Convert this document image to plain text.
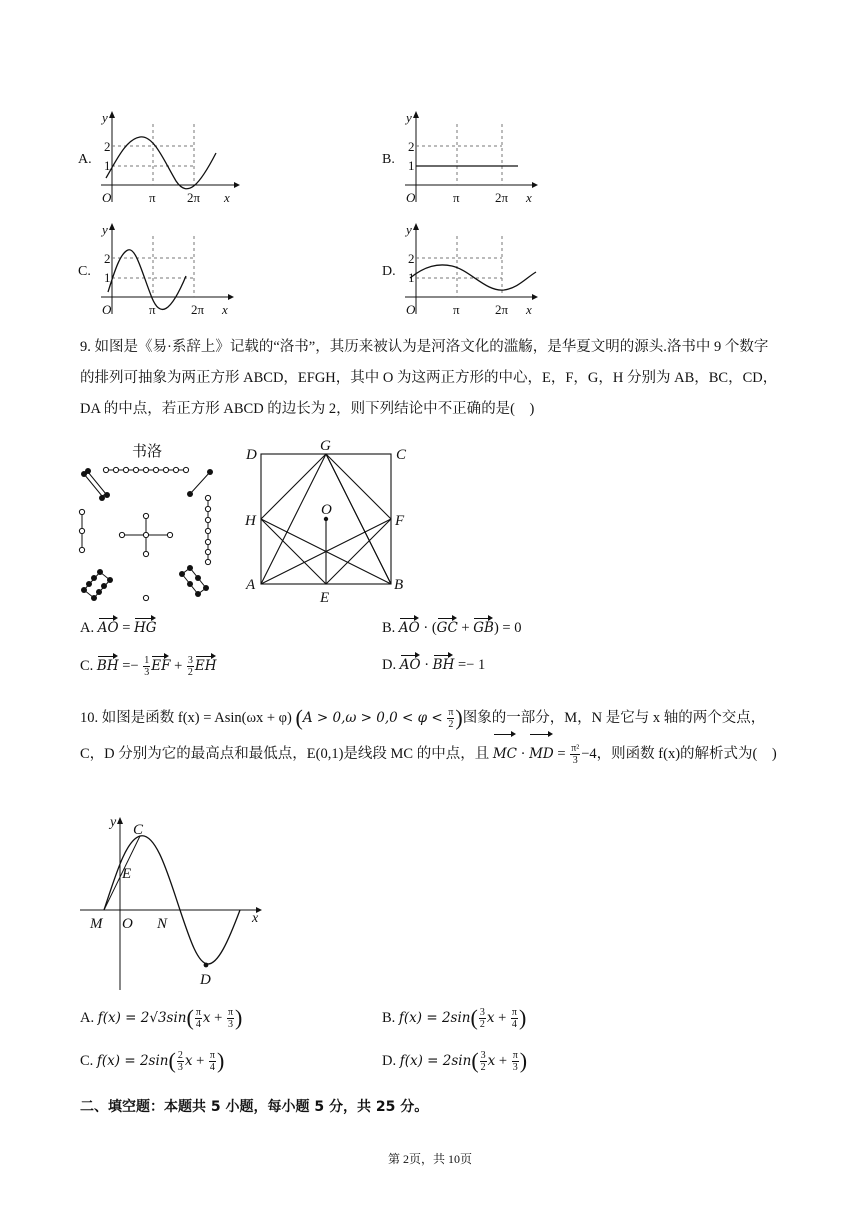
A.
y
2
1
O	π 2π x
B.
y
2
1
O	π	2π x
C.
y
2
1
O	π	2π x
D.
y
2
1
O	π	2π x
9. 如图是《易·系辞上》记载的“洛书”，其历来被认为是河洛文化的滥觞，是华夏文明的源头.洛书中 9 个数字的排列可抽象为两正方形 ABCD，EFGH，其中 O 为这两正方形的中心，E，F，G，H 分别为 AB，BC，CD，DA 的中点，若正方形 ABCD 的边长为 2，则下列结论中不正确 ·的是(　)
书洛	D
G
C
H
O
F
A
E
B
A. AO = HG	B. AO · (GC + GB) = 0
C. BH =− $\frac{1}{3}$ EF + $\frac{3}{2}$ EH	D. AO · BH =− 1
10. 如图是函数 f(x) = Asin(ωx + φ) ($A > 0,\omega > 0,0 < \varphi < \frac{\pi}{2}$ )图象的一部分，M，N 是它与 x 轴的两个交点，C，D 分别为它的最高点和最低点，E(0,1)是线段 MC 的中点，且 MC · MD = $\frac{\text{π²}}{3} -4$，则函数 f(x)的解析式为(　)
y C
E
M O N	x
D
A. $f(x) = 2√3\sin( \frac{\pi}{4}$ $x + \frac{\pi}{3}$ )	B. $f(x) = 2\sin( \frac{3}{2}$ $x + \frac{\pi}{4}$ )
C. $f(x) = 2\sin( \frac{2}{3}$ $x + \frac{\pi}{4}$ )	D. $f(x) = 2\sin( \frac{3}{2}$ $x + \frac{\pi}{3}$ )
二、填空题：本题共 5 小题，每小题 5 分，共 25 分。
第 2页，共 10页
